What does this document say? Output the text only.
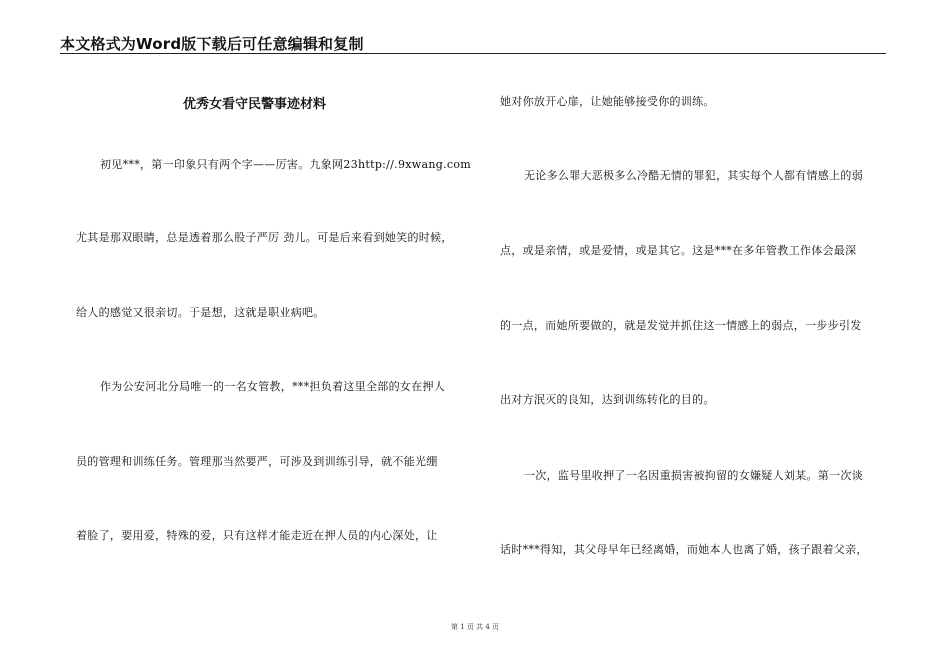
本文格式为Word版下载后可任意编辑和复制
优秀女看守民警事迹材料
初见***，第一印象只有两个字——厉害。九象网23http://.9xwang.com
尤其是那双眼睛，总是透着那么股子严厉 劲儿。可是后来看到她笑的时候，
给人的感觉又很亲切。于是想，这就是职业病吧。
作为公安河北分局唯一的一名女管教，***担负着这里全部的女在押人
员的管理和训练任务。管理那当然要严，可涉及到训练引导，就不能光绷
着脸了，要用爱，特殊的爱，只有这样才能走近在押人员的内心深处，让
她对你放开心扉，让她能够接受你的训练。
无论多么罪大恶极多么冷酷无情的罪犯，其实每个人都有情感上的弱
点，或是亲情，或是爱情，或是其它。这是***在多年管教工作体会最深
的一点，而她所要做的，就是发觉并抓住这一情感上的弱点，一步步引发
出对方泯灭的良知，达到训练转化的目的。
一次，监号里收押了一名因重损害被拘留的女嫌疑人刘某。第一次谈
话时***得知，其父母早年已经离婚，而她本人也离了婚，孩子跟着父亲，
第 1 页 共 4 页
